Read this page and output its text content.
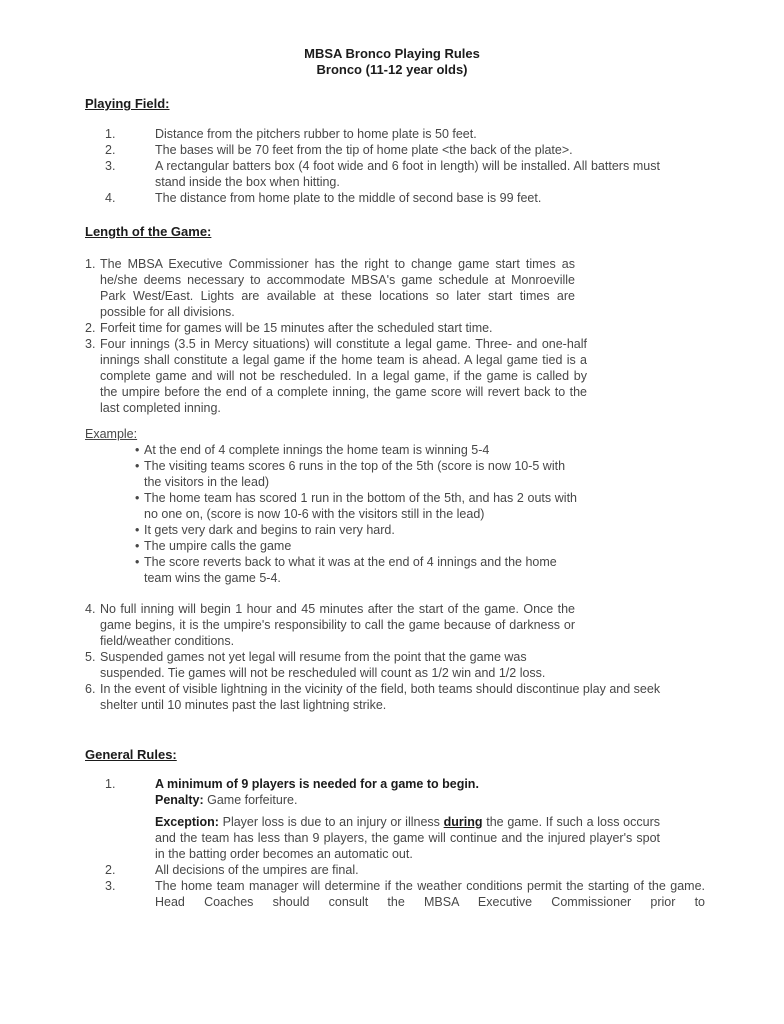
MBSA Bronco Playing Rules
Bronco (11-12 year olds)
Playing Field:
1.	Distance from the pitchers rubber to home plate is 50 feet.
2.	The bases will be 70 feet from the tip of home plate <the back of the plate>.
3.	A rectangular batters box (4 foot wide and 6 foot in length) will be installed. All batters must stand inside the box when hitting.
4.	The distance from home plate to the middle of second base is 99 feet.
Length of the Game:
1. The MBSA Executive Commissioner has the right to change game start times as he/she deems necessary to accommodate MBSA's game schedule at Monroeville Park West/East. Lights are available at these locations so later start times are possible for all divisions.
2. Forfeit time for games will be 15 minutes after the scheduled start time.
3. Four innings (3.5 in Mercy situations) will constitute a legal game. Three- and one-half innings shall constitute a legal game if the home team is ahead. A legal game tied is a complete game and will not be rescheduled. In a legal game, if the game is called by the umpire before the end of a complete inning, the game score will revert back to the last completed inning.
Example:
• At the end of 4 complete innings the home team is winning 5-4
• The visiting teams scores 6 runs in the top of the 5th (score is now 10-5 with the visitors in the lead)
• The home team has scored 1 run in the bottom of the 5th, and has 2 outs with no one on, (score is now 10-6 with the visitors still in the lead)
• It gets very dark and begins to rain very hard.
• The umpire calls the game
• The score reverts back to what it was at the end of 4 innings and the home team wins the game 5-4.
4. No full inning will begin 1 hour and 45 minutes after the start of the game. Once the game begins, it is the umpire's responsibility to call the game because of darkness or field/weather conditions.
5. Suspended games not yet legal will resume from the point that the game was suspended. Tie games will not be rescheduled will count as 1/2 win and 1/2 loss.
6. In the event of visible lightning in the vicinity of the field, both teams should discontinue play and seek shelter until 10 minutes past the last lightning strike.
General Rules:
1.	A minimum of 9 players is needed for a game to begin.
Penalty: Game forfeiture.
Exception: Player loss is due to an injury or illness during the game. If such a loss occurs and the team has less than 9 players, the game will continue and the injured player's spot in the batting order becomes an automatic out.
2.	All decisions of the umpires are final.
3.	The home team manager will determine if the weather conditions permit the starting of the game. Head Coaches should consult the MBSA Executive Commissioner prior to
